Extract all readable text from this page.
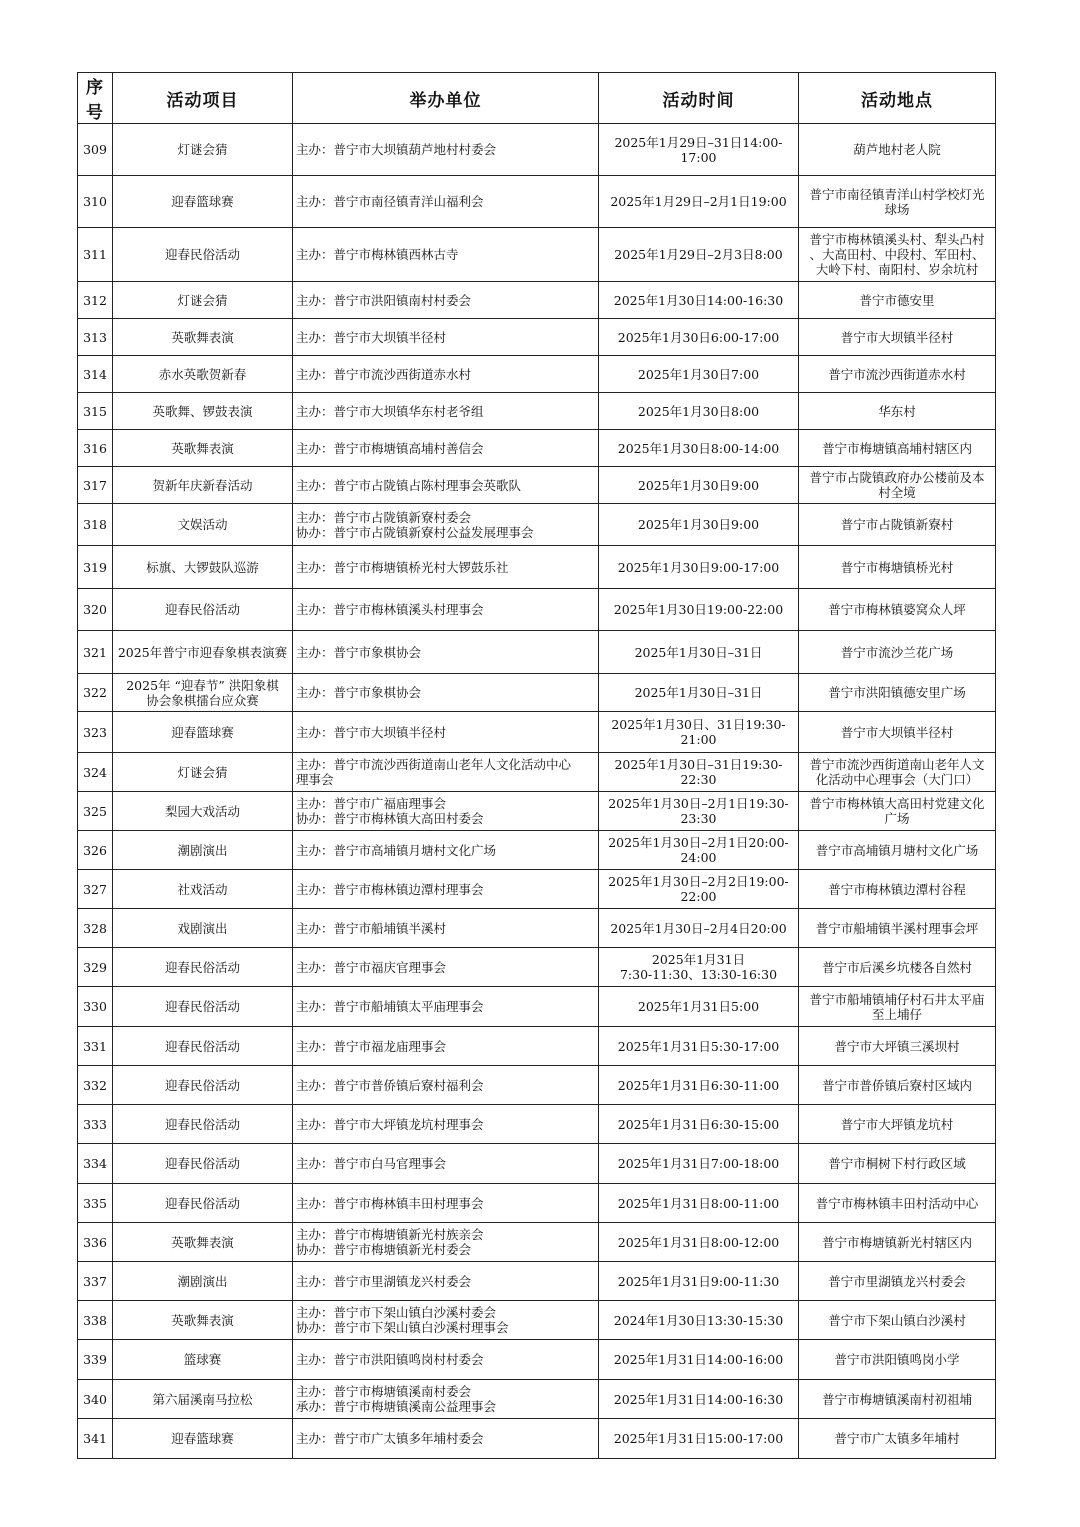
序号	活动项目	举办单位	活动时间	活动地点
309	灯谜会猜	主办：普宁市大坝镇葫芦地村村委会	2025年1月29日–31日14:00-17:00	葫芦地村老人院
310	迎春篮球赛	主办：普宁市南径镇青洋山福利会	2025年1月29日–2月1日19:00	普宁市南径镇青洋山村学校灯光
球场
311	迎春民俗活动	主办：普宁市梅林镇西林古寺	2025年1月29日–2月3日8:00	普宁市梅林镇溪头村、犁头凸村
、大高田村、中段村、军田村、
大岭下村、南阳村、岁余坑村
312	灯谜会猜	主办：普宁市洪阳镇南村村委会	2025年1月30日14:00-16:30	普宁市德安里
313	英歌舞表演	主办：普宁市大坝镇半径村	2025年1月30日6:00-17:00	普宁市大坝镇半径村
314	赤水英歌贺新春	主办：普宁市流沙西街道赤水村	2025年1月30日7:00	普宁市流沙西街道赤水村
315	英歌舞、锣鼓表演	主办：普宁市大坝镇华东村老爷组	2025年1月30日8:00	华东村
316	英歌舞表演	主办：普宁市梅塘镇高埔村善信会	2025年1月30日8:00-14:00	普宁市梅塘镇高埔村辖区内
317	贺新年庆新春活动	主办：普宁市占陇镇占陈村理事会英歌队	2025年1月30日9:00	普宁市占陇镇政府办公楼前及本
村全境
318	文娱活动	主办：普宁市占陇镇新寮村委会
协办：普宁市占陇镇新寮村公益发展理事会	2025年1月30日9:00	普宁市占陇镇新寮村
319	标旗、大锣鼓队巡游	主办：普宁市梅塘镇桥光村大锣鼓乐社	2025年1月30日9:00-17:00	普宁市梅塘镇桥光村
320	迎春民俗活动	主办：普宁市梅林镇溪头村理事会	2025年1月30日19:00-22:00	普宁市梅林镇婆窝众人坪
321	2025年普宁市迎春象棋表演赛	主办：普宁市象棋协会	2025年1月30日–31日	普宁市流沙兰花广场
322	2025年 “迎春节” 洪阳象棋
协会象棋擂台应众赛	主办：普宁市象棋协会	2025年1月30日–31日	普宁市洪阳镇德安里广场
323	迎春篮球赛	主办：普宁市大坝镇半径村	2025年1月30日、31日19:30-
21:00	普宁市大坝镇半径村
324	灯谜会猜	主办：普宁市流沙西街道南山老年人文化活动中心
理事会	2025年1月30日–31日19:30-22:30	普宁市流沙西街道南山老年人文
化活动中心理事会（大门口）
325	梨园大戏活动	主办：普宁市广福庙理事会
协办：普宁市梅林镇大高田村委会	2025年1月30日–2月1日19:30-
23:30	普宁市梅林镇大高田村党建文化
广场
326	潮剧演出	主办：普宁市高埔镇月塘村文化广场	2025年1月30日–2月1日20:00-
24:00	普宁市高埔镇月塘村文化广场
327	社戏活动	主办：普宁市梅林镇边潭村理事会	2025年1月30日–2月2日19:00-
22:00	普宁市梅林镇边潭村谷程
328	戏剧演出	主办：普宁市船埔镇半溪村	2025年1月30日–2月4日20:00	普宁市船埔镇半溪村理事会坪
329	迎春民俗活动	主办：普宁市福庆官理事会	2025年1月31日
7:30-11:30、13:30-16:30	普宁市后溪乡坑楼各自然村
330	迎春民俗活动	主办：普宁市船埔镇太平庙理事会	2025年1月31日5:00	普宁市船埔镇埔仔村石井太平庙
至上埔仔
331	迎春民俗活动	主办：普宁市福龙庙理事会	2025年1月31日5:30-17:00	普宁市大坪镇三溪坝村
332	迎春民俗活动	主办：普宁市普侨镇后寮村福利会	2025年1月31日6:30-11:00	普宁市普侨镇后寮村区域内
333	迎春民俗活动	主办：普宁市大坪镇龙坑村理事会	2025年1月31日6:30-15:00	普宁市大坪镇龙坑村
334	迎春民俗活动	主办：普宁市白马官理事会	2025年1月31日7:00-18:00	普宁市桐树下村行政区域
335	迎春民俗活动	主办：普宁市梅林镇丰田村理事会	2025年1月31日8:00-11:00	普宁市梅林镇丰田村活动中心
336	英歌舞表演	主办：普宁市梅塘镇新光村族亲会
协办：普宁市梅塘镇新光村委会	2025年1月31日8:00-12:00	普宁市梅塘镇新光村辖区内
337	潮剧演出	主办：普宁市里湖镇龙兴村委会	2025年1月31日9:00-11:30	普宁市里湖镇龙兴村委会
338	英歌舞表演	主办：普宁市下架山镇白沙溪村委会
协办：普宁市下架山镇白沙溪村理事会	2024年1月30日13:30-15:30	普宁市下架山镇白沙溪村
339	篮球赛	主办：普宁市洪阳镇鸣岗村村委会	2025年1月31日14:00-16:00	普宁市洪阳镇鸣岗小学
340	第六届溪南马拉松	主办：普宁市梅塘镇溪南村委会
承办：普宁市梅塘镇溪南公益理事会	2025年1月31日14:00-16:30	普宁市梅塘镇溪南村初祖埔
341	迎春篮球赛	主办：普宁市广太镇多年埔村委会	2025年1月31日15:00-17:00	普宁市广太镇多年埔村
